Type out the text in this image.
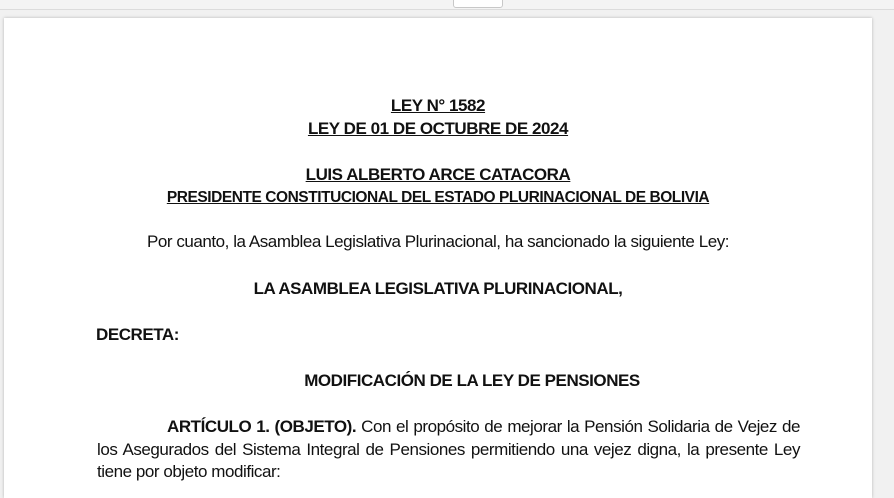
LEY N° 1582
LEY DE 01 DE OCTUBRE DE 2024
LUIS ALBERTO ARCE CATACORA
PRESIDENTE CONSTITUCIONAL DEL ESTADO PLURINACIONAL DE BOLIVIA
Por cuanto, la Asamblea Legislativa Plurinacional, ha sancionado la siguiente Ley:
LA ASAMBLEA LEGISLATIVA PLURINACIONAL,
DECRETA:
MODIFICACIÓN DE LA LEY DE PENSIONES
ARTÍCULO 1. (OBJETO). Con el propósito de mejorar la Pensión Solidaria de Vejez de los Asegurados del Sistema Integral de Pensiones permitiendo una vejez digna, la presente Ley tiene por objeto modificar:
